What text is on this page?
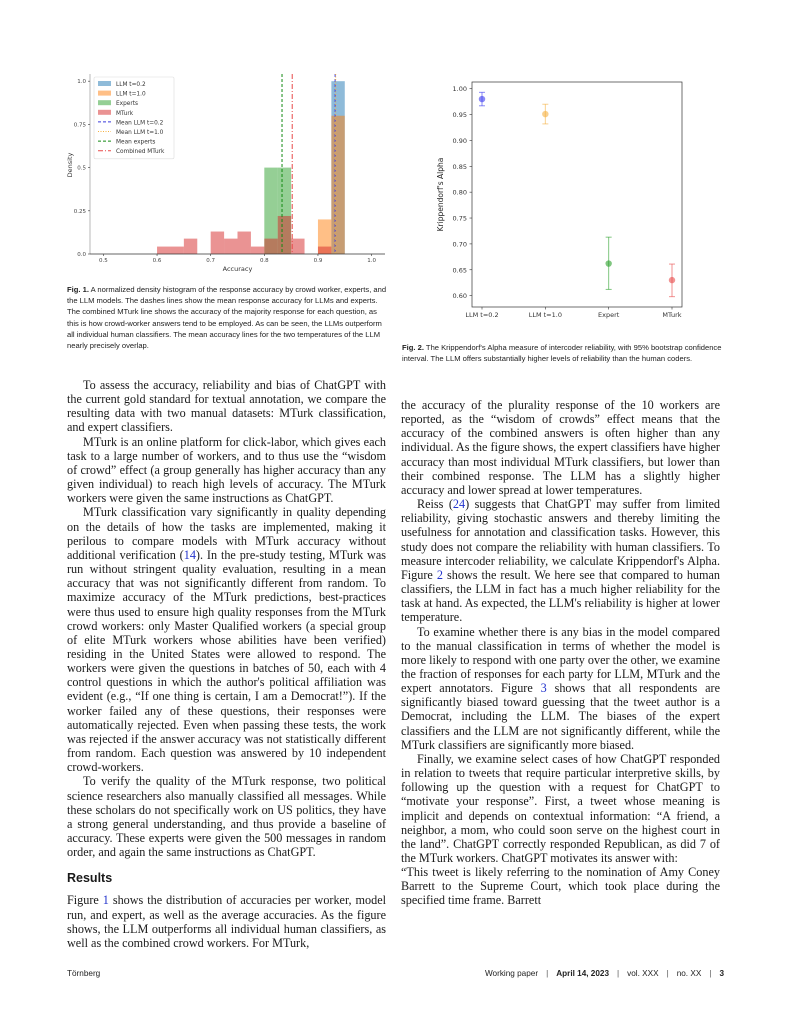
0.5	0.6	0.7	0.8	0.9	1.0
0.0
0.25
0.5
0.75
1.0
Accuracy
Density
LLM t=0.2
LLM t=1.0
Experts
MTurk
Mean LLM t=0.2
Mean LLM t=1.0
Mean experts
Combined MTurk
Fig. 1. A normalized density histogram of the response accuracy by crowd worker, experts, and the LLM models. The dashes lines show the mean response accuracy for LLMs and experts. The combined MTurk line shows the accuracy of the majority response for each question, as this is how crowd-worker answers tend to be employed. As can be seen, the LLMs outperform all individual human classifiers. The mean accuracy lines for the two temperatures of the LLM nearly precisely overlap.
0.60
0.65
0.70
0.75
0.80
0.85
0.90
0.95
1.00
LLM t=0.2	LLM t=1.0	Expert	MTurk
Krippendorf's Alpha
Fig. 2. The Krippendorf's Alpha measure of intercoder reliability, with 95% bootstrap confidence interval. The LLM offers substantially higher levels of reliability than the human coders.

To assess the accuracy, reliability and bias of ChatGPT with the current gold standard for textual annotation, we compare the resulting data with two manual datasets: MTurk classification, and expert classifiers.

MTurk is an online platform for click-labor, which gives each task to a large number of workers, and to thus use the “wisdom of crowd” effect (a group generally has higher accuracy than any given individual) to reach high levels of accuracy. The MTurk workers were given the same instructions as ChatGPT.

MTurk classification vary significantly in quality depending on the details of how the tasks are implemented, making it perilous to compare models with MTurk accuracy without additional verification (14). In the pre-study testing, MTurk was run without stringent quality evaluation, resulting in a mean accuracy that was not significantly different from random. To maximize accuracy of the MTurk predictions, best-practices were thus used to ensure high quality responses from the MTurk crowd workers: only Master Qualified workers (a special group of elite MTurk workers whose abilities have been verified) residing in the United States were allowed to respond. The workers were given the questions in batches of 50, each with 4 control questions in which the author's political affiliation was evident (e.g., “If one thing is certain, I am a Democrat!”). If the worker failed any of these questions, their responses were automatically rejected. Even when passing these tests, the work was rejected if the answer accuracy was not statistically different from random. Each question was answered by 10 independent crowd-workers.

To verify the quality of the MTurk response, two political science researchers also manually classified all messages. While these scholars do not specifically work on US politics, they have a strong general understanding, and thus provide a baseline of accuracy. These experts were given the 500 messages in random order, and again the same instructions as ChatGPT.

Results

Figure 1 shows the distribution of accuracies per worker, model run, and expert, as well as the average accuracies. As the figure shows, the LLM outperforms all individual human classifiers, as well as the combined crowd workers. For MTurk,

the accuracy of the plurality response of the 10 workers are reported, as the “wisdom of crowds” effect means that the accuracy of the combined answers is often higher than any individual. As the figure shows, the expert classifiers have higher accuracy than most individual MTurk classifiers, but lower than their combined response. The LLM has a slightly higher accuracy and lower spread at lower temperatures.

Reiss (24) suggests that ChatGPT may suffer from limited reliability, giving stochastic answers and thereby limiting the usefulness for annotation and classification tasks. However, this study does not compare the reliability with human classifiers. To measure intercoder reliability, we calculate Krippendorf's Alpha. Figure 2 shows the result. We here see that compared to human classifiers, the LLM in fact has a much higher reliability for the task at hand. As expected, the LLM's reliability is higher at lower temperature.

To examine whether there is any bias in the model compared to the manual classification in terms of whether the model is more likely to respond with one party over the other, we examine the fraction of responses for each party for LLM, MTurk and the expert annotators. Figure 3 shows that all respondents are significantly biased toward guessing that the tweet author is a Democrat, including the LLM. The biases of the expert classifiers and the LLM are not significantly different, while the MTurk classifiers are significantly more biased.

Finally, we examine select cases of how ChatGPT responded in relation to tweets that require particular interpretive skills, by following up the question with a request for ChatGPT to “motivate your response”. First, a tweet whose meaning is implicit and depends on contextual information: “A friend, a neighbor, a mom, who could soon serve on the highest court in the land”. ChatGPT correctly responded Republican, as did 7 of the MTurk workers. ChatGPT motivates its answer with:

“This tweet is likely referring to the nomination of Amy Coney Barrett to the Supreme Court, which took place during the specified time frame. Barrett

Törnberg	Working paper | April 14, 2023 | vol. XXX | no. XX | 3
